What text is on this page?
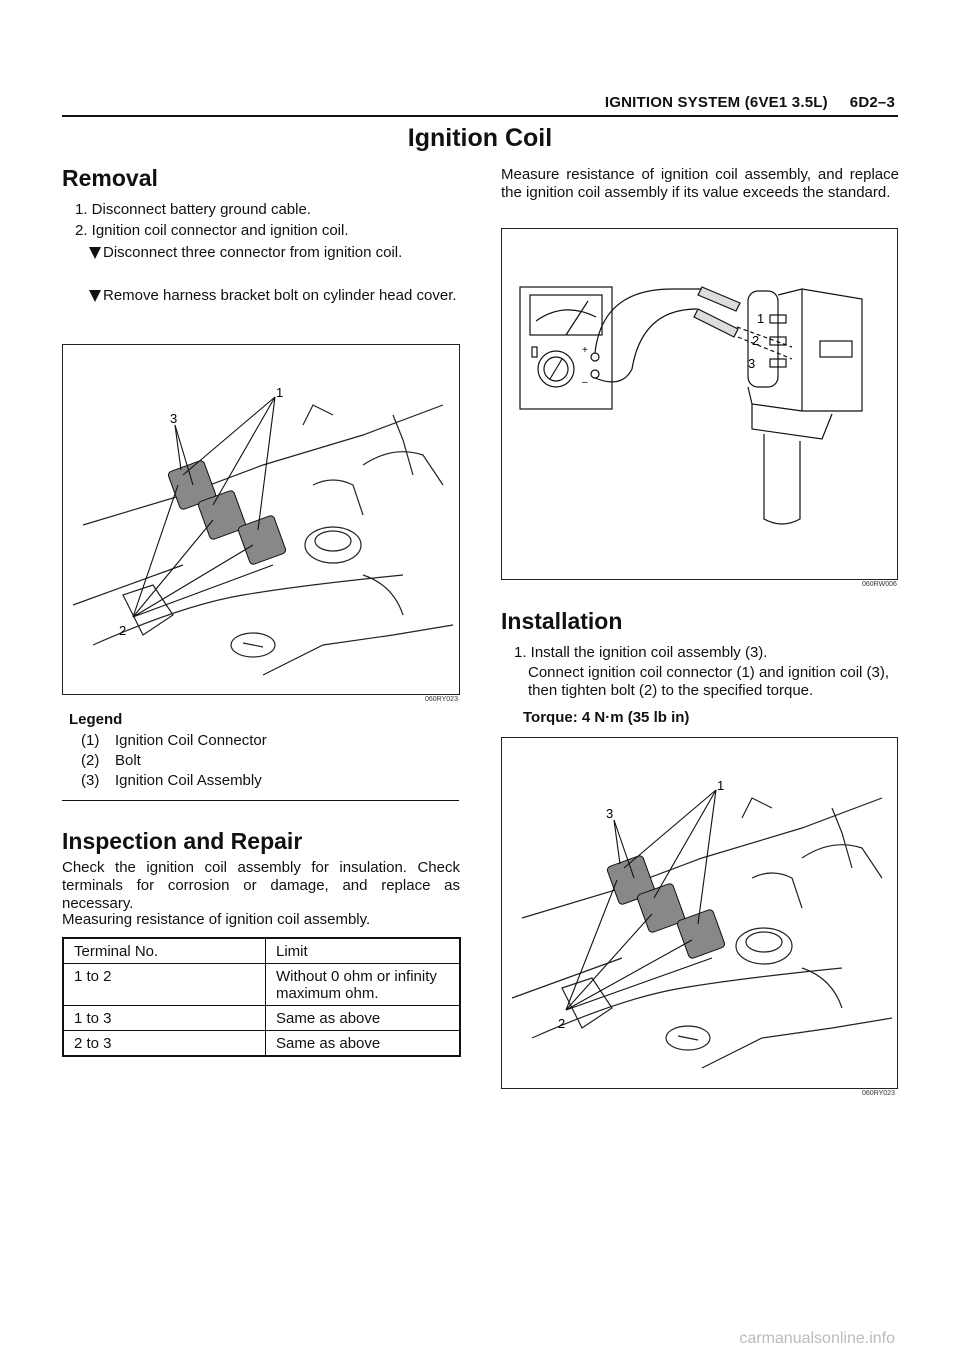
IGNITION SYSTEM (6VE1 3.5L) 6D2–3
Ignition Coil
Removal
1. Disconnect battery ground cable.
2. Ignition coil connector and ignition coil.
Disconnect three connector from ignition coil.
Remove harness bracket bolt on cylinder head cover.
1
3
2
060RY023
Legend
(1) Ignition Coil Connector
(2) Bolt
(3) Ignition Coil Assembly
Inspection and Repair
Check the ignition coil assembly for insulation. Check terminals for corrosion or damage, and replace as necessary.
Measuring resistance of ignition coil assembly.
Terminal No.	Limit
1 to 2	Without 0 ohm or infinity maximum ohm.
1 to 3	Same as above
2 to 3	Same as above
Measure resistance of ignition coil assembly, and replace the ignition coil assembly if its value exceeds the standard.
1
2
3
+
–
060RW006
Installation
1. Install the ignition coil assembly (3).
Connect ignition coil connector (1) and ignition coil (3), then tighten bolt (2) to the specified torque.
Torque: 4 N·m (35 lb in)
1
3
2
060RY023
carmanualsonline.info
